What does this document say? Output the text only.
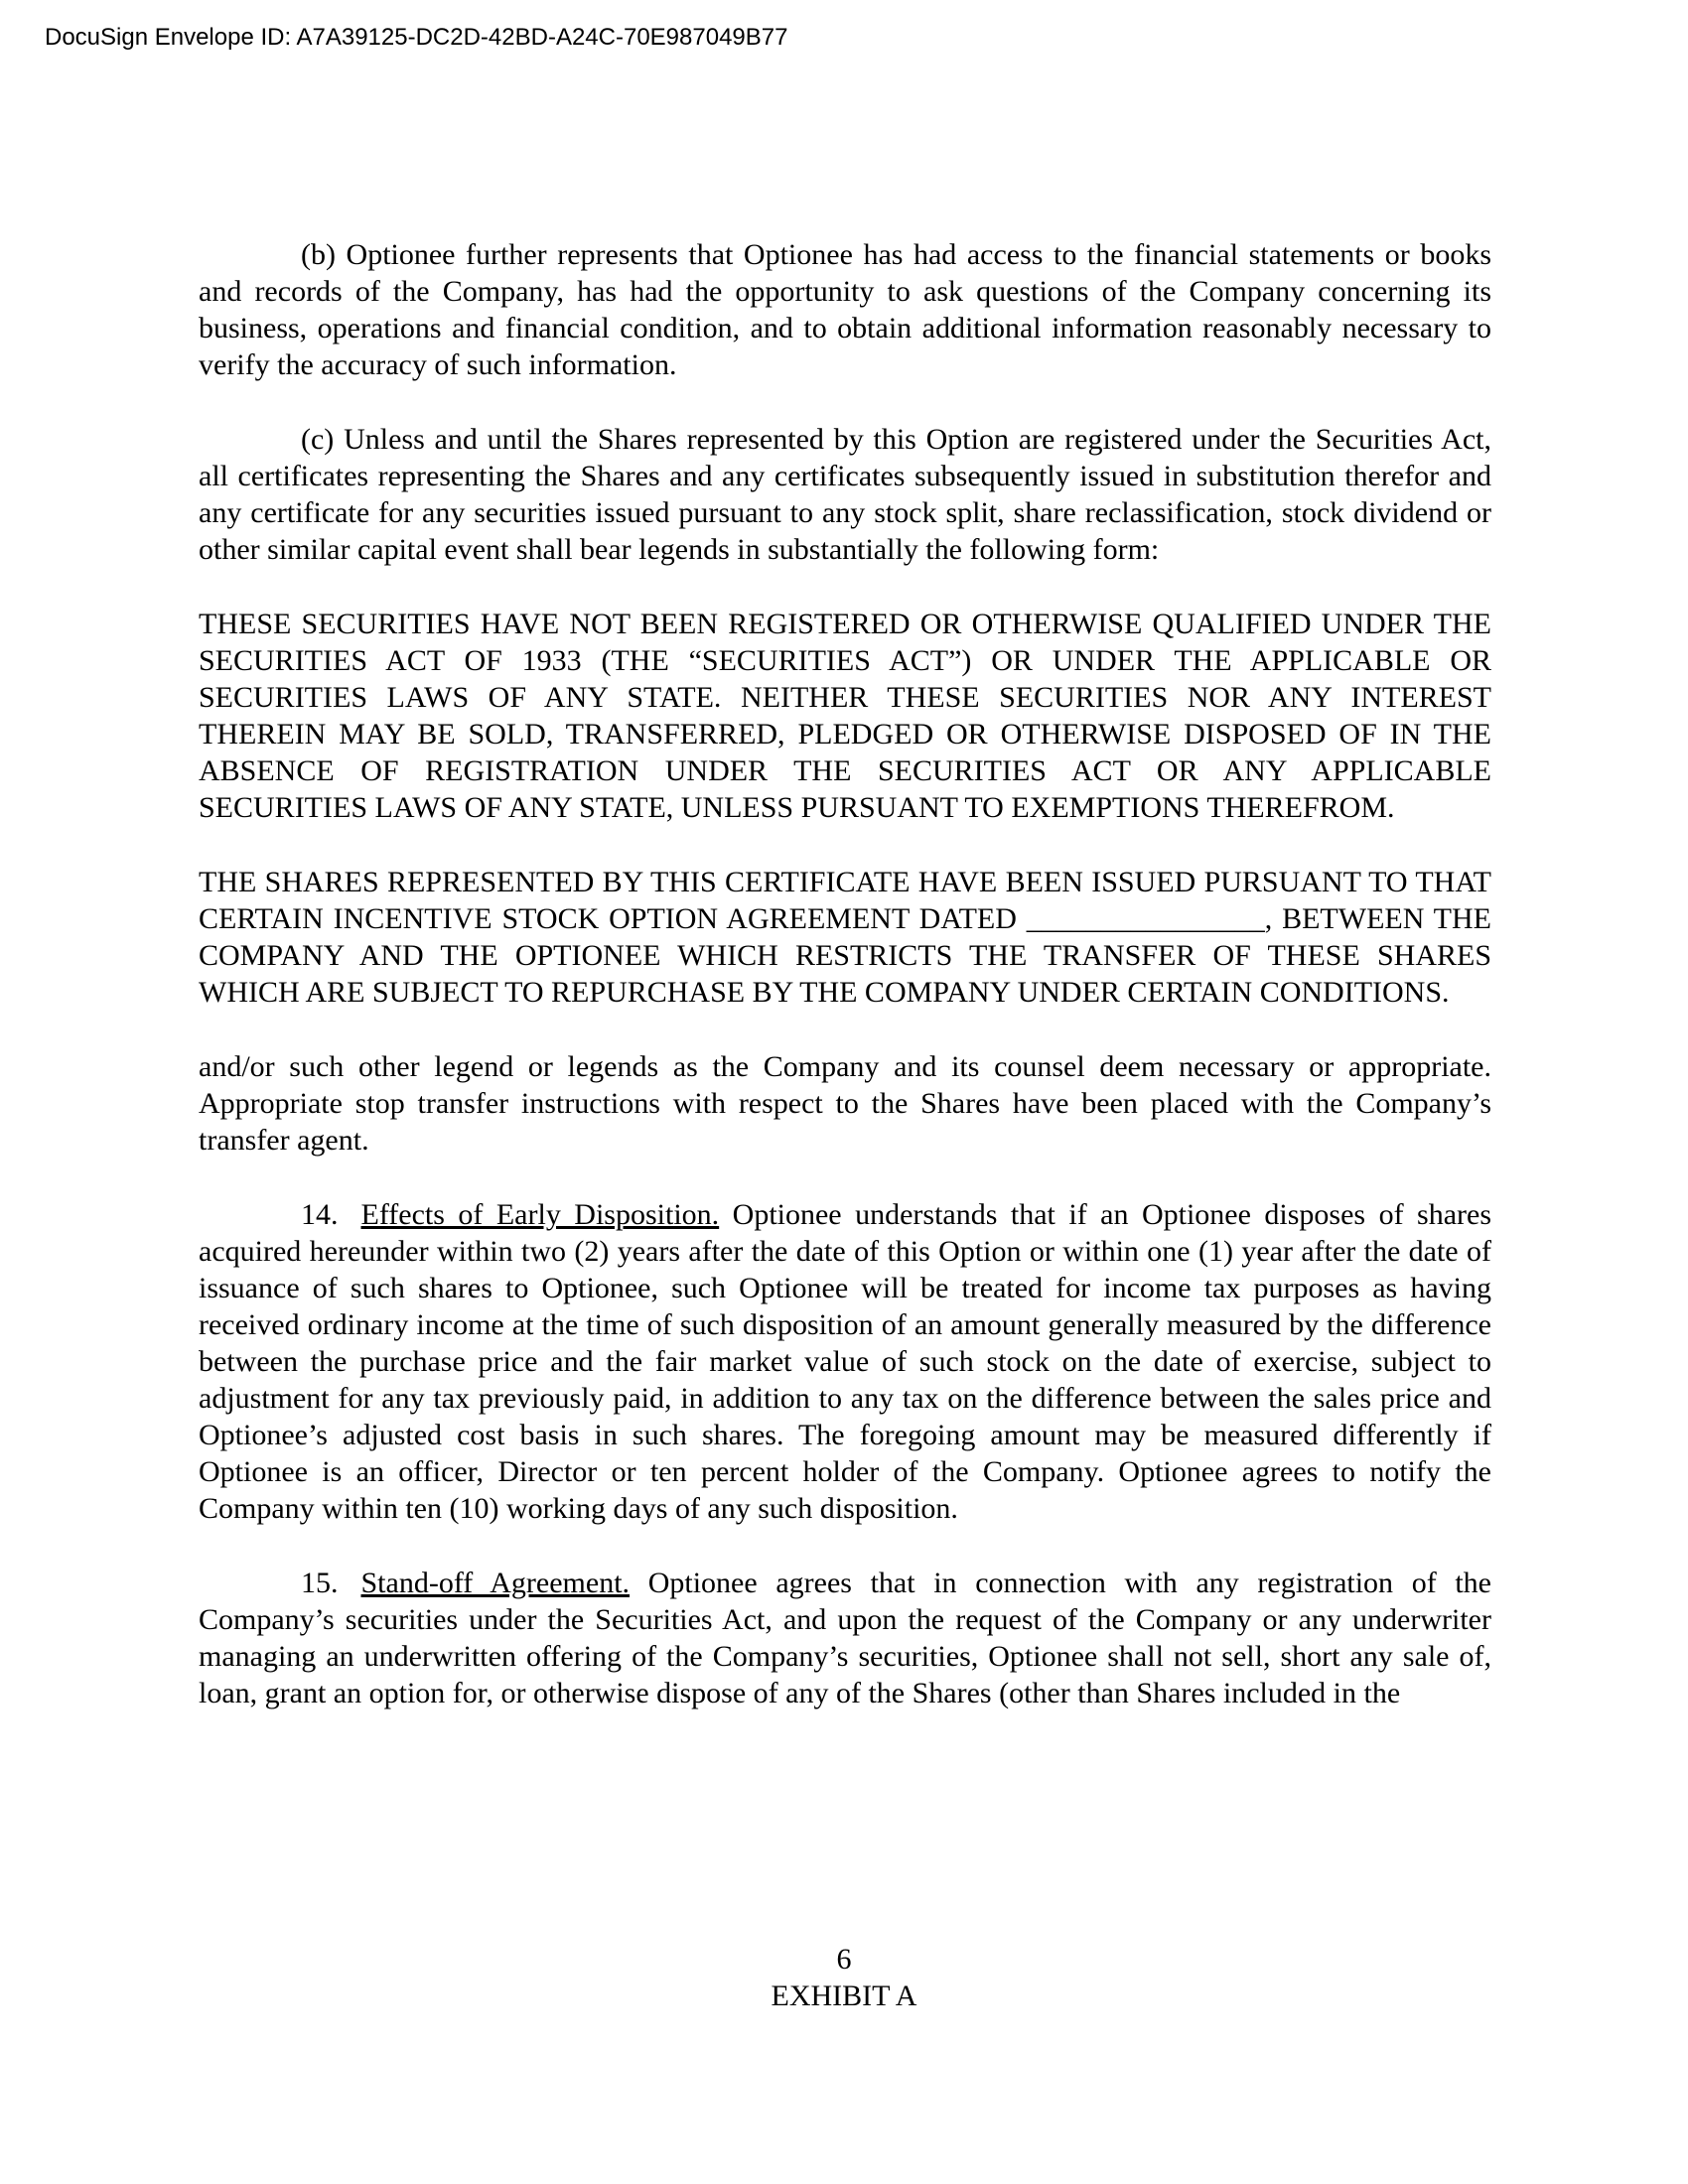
DocuSign Envelope ID: A7A39125-DC2D-42BD-A24C-70E987049B77

(b) Optionee further represents that Optionee has had access to the financial statements or books and records of the Company, has had the opportunity to ask questions of the Company concerning its business, operations and financial condition, and to obtain additional information reasonably necessary to verify the accuracy of such information.

(c) Unless and until the Shares represented by this Option are registered under the Securities Act, all certificates representing the Shares and any certificates subsequently issued in substitution therefor and any certificate for any securities issued pursuant to any stock split, share reclassification, stock dividend or other similar capital event shall bear legends in substantially the following form:

THESE SECURITIES HAVE NOT BEEN REGISTERED OR OTHERWISE QUALIFIED UNDER THE SECURITIES ACT OF 1933 (THE “SECURITIES ACT”) OR UNDER THE APPLICABLE OR SECURITIES LAWS OF ANY STATE. NEITHER THESE SECURITIES NOR ANY INTEREST THEREIN MAY BE SOLD, TRANSFERRED, PLEDGED OR OTHERWISE DISPOSED OF IN THE ABSENCE OF REGISTRATION UNDER THE SECURITIES ACT OR ANY APPLICABLE SECURITIES LAWS OF ANY STATE, UNLESS PURSUANT TO EXEMPTIONS THEREFROM.

THE SHARES REPRESENTED BY THIS CERTIFICATE HAVE BEEN ISSUED PURSUANT TO THAT CERTAIN INCENTIVE STOCK OPTION AGREEMENT DATED ________________, BETWEEN THE COMPANY AND THE OPTIONEE WHICH RESTRICTS THE TRANSFER OF THESE SHARES WHICH ARE SUBJECT TO REPURCHASE BY THE COMPANY UNDER CERTAIN CONDITIONS.

and/or such other legend or legends as the Company and its counsel deem necessary or appropriate. Appropriate stop transfer instructions with respect to the Shares have been placed with the Company’s transfer agent.

14. Effects of Early Disposition. Optionee understands that if an Optionee disposes of shares acquired hereunder within two (2) years after the date of this Option or within one (1) year after the date of issuance of such shares to Optionee, such Optionee will be treated for income tax purposes as having received ordinary income at the time of such disposition of an amount generally measured by the difference between the purchase price and the fair market value of such stock on the date of exercise, subject to adjustment for any tax previously paid, in addition to any tax on the difference between the sales price and Optionee’s adjusted cost basis in such shares. The foregoing amount may be measured differently if Optionee is an officer, Director or ten percent holder of the Company. Optionee agrees to notify the Company within ten (10) working days of any such disposition.

15. Stand-off Agreement. Optionee agrees that in connection with any registration of the Company’s securities under the Securities Act, and upon the request of the Company or any underwriter managing an underwritten offering of the Company’s securities, Optionee shall not sell, short any sale of, loan, grant an option for, or otherwise dispose of any of the Shares (other than Shares included in the

6
EXHIBIT A
